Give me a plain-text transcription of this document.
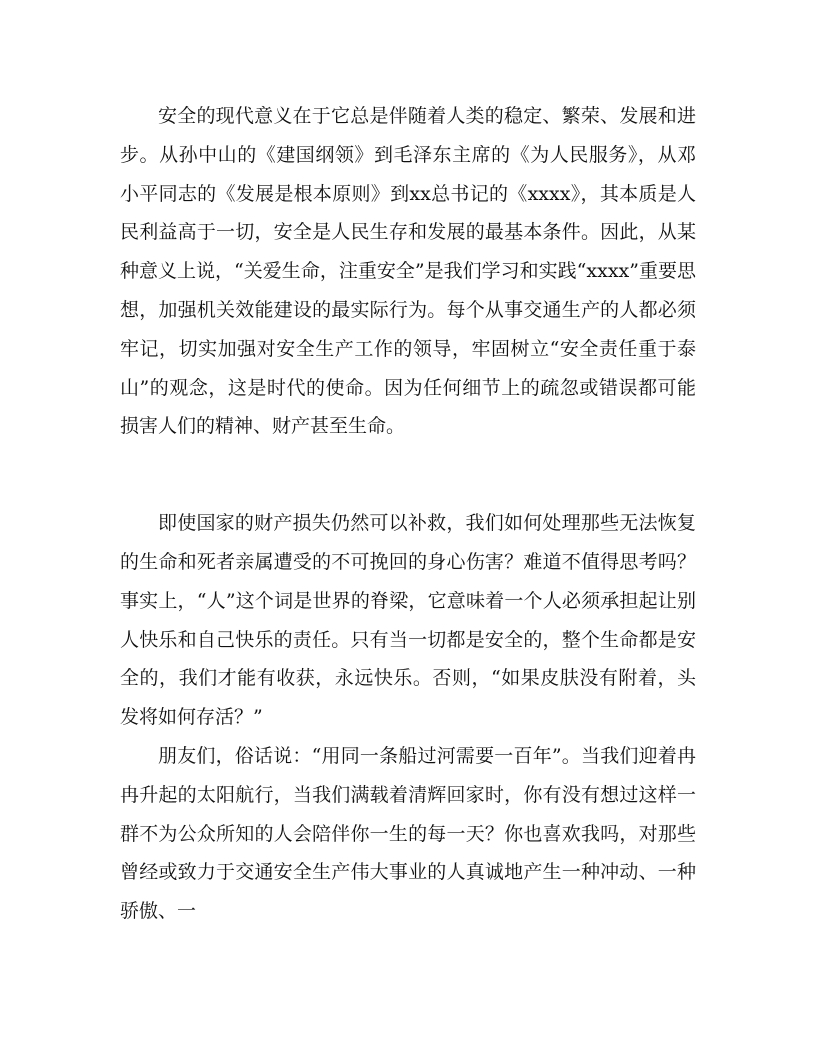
安全的现代意义在于它总是伴随着人类的稳定、繁荣、发展和进步。从孙中山的《建国纲领》到毛泽东主席的《为人民服务》，从邓小平同志的《发展是根本原则》到xx总书记的《xxxx》，其本质是人民利益高于一切，安全是人民生存和发展的最基本条件。因此，从某种意义上说，“关爱生命，注重安全”是我们学习和实践“xxxx”重要思想，加强机关效能建设的最实际行为。每个从事交通生产的人都必须牢记，切实加强对安全生产工作的领导，牢固树立“安全责任重于泰山”的观念，这是时代的使命。因为任何细节上的疏忽或错误都可能损害人们的精神、财产甚至生命。

即使国家的财产损失仍然可以补救，我们如何处理那些无法恢复的生命和死者亲属遭受的不可挽回的身心伤害？难道不值得思考吗？事实上，“人”这个词是世界的脊梁，它意味着一个人必须承担起让别人快乐和自己快乐的责任。只有当一切都是安全的，整个生命都是安全的，我们才能有收获，永远快乐。否则，“如果皮肤没有附着，头发将如何存活？”

朋友们，俗话说：“用同一条船过河需要一百年”。当我们迎着冉冉升起的太阳航行，当我们满载着清辉回家时，你有没有想过这样一群不为公众所知的人会陪伴你一生的每一天？你也喜欢我吗，对那些曾经或致力于交通安全生产伟大事业的人真诚地产生一种冲动、一种骄傲、一
